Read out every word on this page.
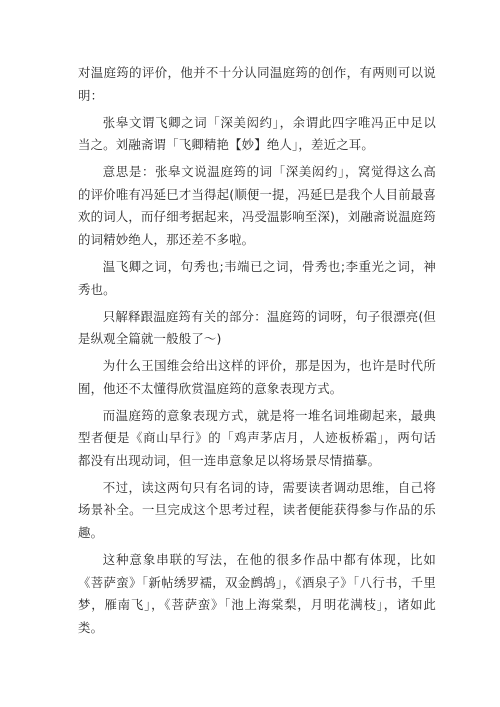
对温庭筠的评价，他并不十分认同温庭筠的创作，有两则可以说明：

张皋文谓飞卿之词「深美闳约」，余谓此四字唯冯正中足以当之。刘融斋谓「飞卿精艳【妙】绝人」，差近之耳。

意思是：张皋文说温庭筠的词「深美闳约」，窝觉得这么高的评价唯有冯延巳才当得起(顺便一提，冯延巳是我个人目前最喜欢的词人，而仔细考据起来，冯受温影响至深)，刘融斋说温庭筠的词精妙绝人，那还差不多啦。

温飞卿之词，句秀也;韦端已之词，骨秀也;李重光之词，神秀也。

只解释跟温庭筠有关的部分：温庭筠的词呀，句子很漂亮(但是纵观全篇就一般般了～)

为什么王国维会给出这样的评价，那是因为，也许是时代所囿，他还不太懂得欣赏温庭筠的意象表现方式。

而温庭筠的意象表现方式，就是将一堆名词堆砌起来，最典型者便是《商山早行》的「鸡声茅店月，人迹板桥霜」，两句话都没有出现动词，但一连串意象足以将场景尽情描摹。

不过，读这两句只有名词的诗，需要读者调动思维，自己将场景补全。一旦完成这个思考过程，读者便能获得参与作品的乐趣。

这种意象串联的写法，在他的很多作品中都有体现，比如《菩萨蛮》「新帖绣罗襦，双金鹧鸪」，《酒泉子》「八行书，千里梦，雁南飞」，《菩萨蛮》「池上海棠梨，月明花满枝」，诸如此类。
